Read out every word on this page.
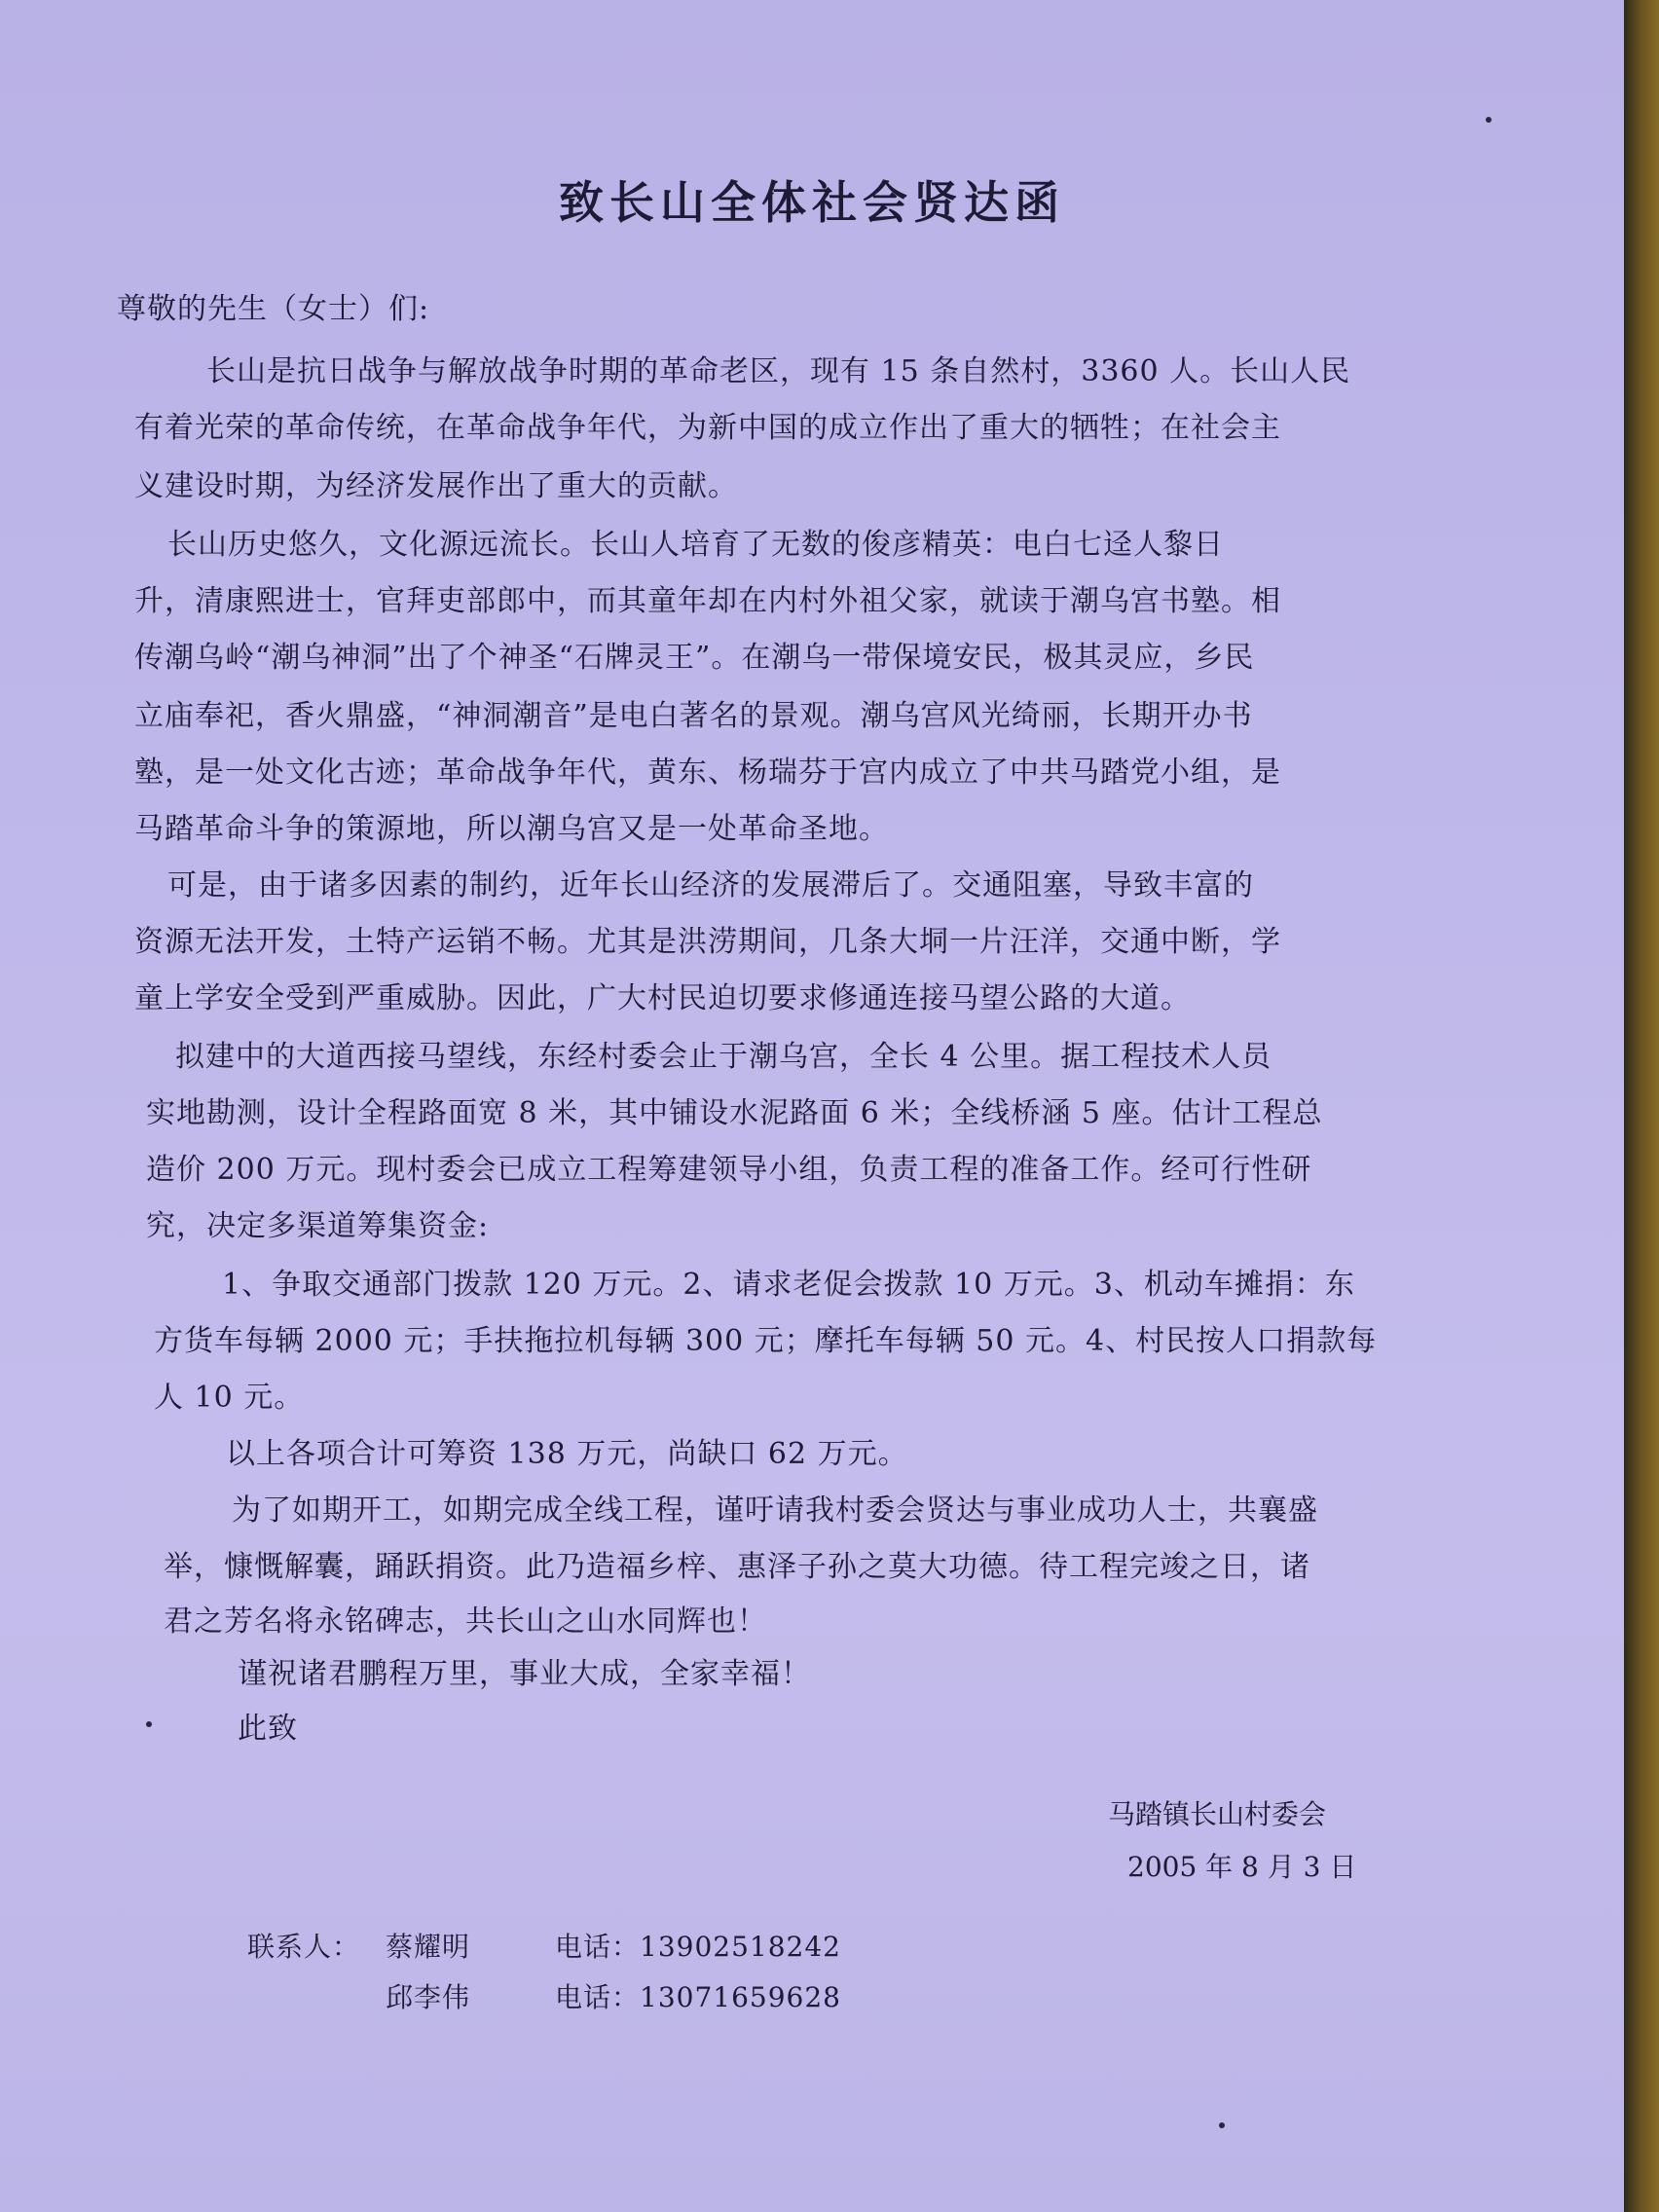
致长山全体社会贤达函
尊敬的先生（女士）们:
长山是抗日战争与解放战争时期的革命老区，现有 15 条自然村，3360 人。长山人民
有着光荣的革命传统，在革命战争年代，为新中国的成立作出了重大的牺牲；在社会主
义建设时期，为经济发展作出了重大的贡献。
长山历史悠久，文化源远流长。长山人培育了无数的俊彦精英：电白七迳人黎日
升，清康熙进士，官拜吏部郎中，而其童年却在内村外祖父家，就读于潮乌宫书塾。相
传潮乌岭“潮乌神洞”出了个神圣“石牌灵王”。在潮乌一带保境安民，极其灵应，乡民
立庙奉祀，香火鼎盛，“神洞潮音”是电白著名的景观。潮乌宫风光绮丽，长期开办书
塾，是一处文化古迹；革命战争年代，黄东、杨瑞芬于宫内成立了中共马踏党小组，是
马踏革命斗争的策源地，所以潮乌宫又是一处革命圣地。
可是，由于诸多因素的制约，近年长山经济的发展滞后了。交通阻塞，导致丰富的
资源无法开发，土特产运销不畅。尤其是洪涝期间，几条大垌一片汪洋，交通中断，学
童上学安全受到严重威胁。因此，广大村民迫切要求修通连接马望公路的大道。
拟建中的大道西接马望线，东经村委会止于潮乌宫，全长 4 公里。据工程技术人员
实地勘测，设计全程路面宽 8 米，其中铺设水泥路面 6 米；全线桥涵 5 座。估计工程总
造价 200 万元。现村委会已成立工程筹建领导小组，负责工程的准备工作。经可行性研
究，决定多渠道筹集资金:
1、争取交通部门拨款 120 万元。2、请求老促会拨款 10 万元。3、机动车摊捐：东
方货车每辆 2000 元；手扶拖拉机每辆 300 元；摩托车每辆 50 元。4、村民按人口捐款每
人 10 元。
以上各项合计可筹资 138 万元，尚缺口 62 万元。
为了如期开工，如期完成全线工程，谨吁请我村委会贤达与事业成功人士，共襄盛
举，慷慨解囊，踊跃捐资。此乃造福乡梓、惠泽子孙之莫大功德。待工程完竣之日，诸
君之芳名将永铭碑志，共长山之山水同辉也！
谨祝诸君鹏程万里，事业大成，全家幸福！
此致
马踏镇长山村委会
2005 年 8 月 3 日
联系人： 蔡耀明	电话：13902518242
邱李伟	电话：13071659628
